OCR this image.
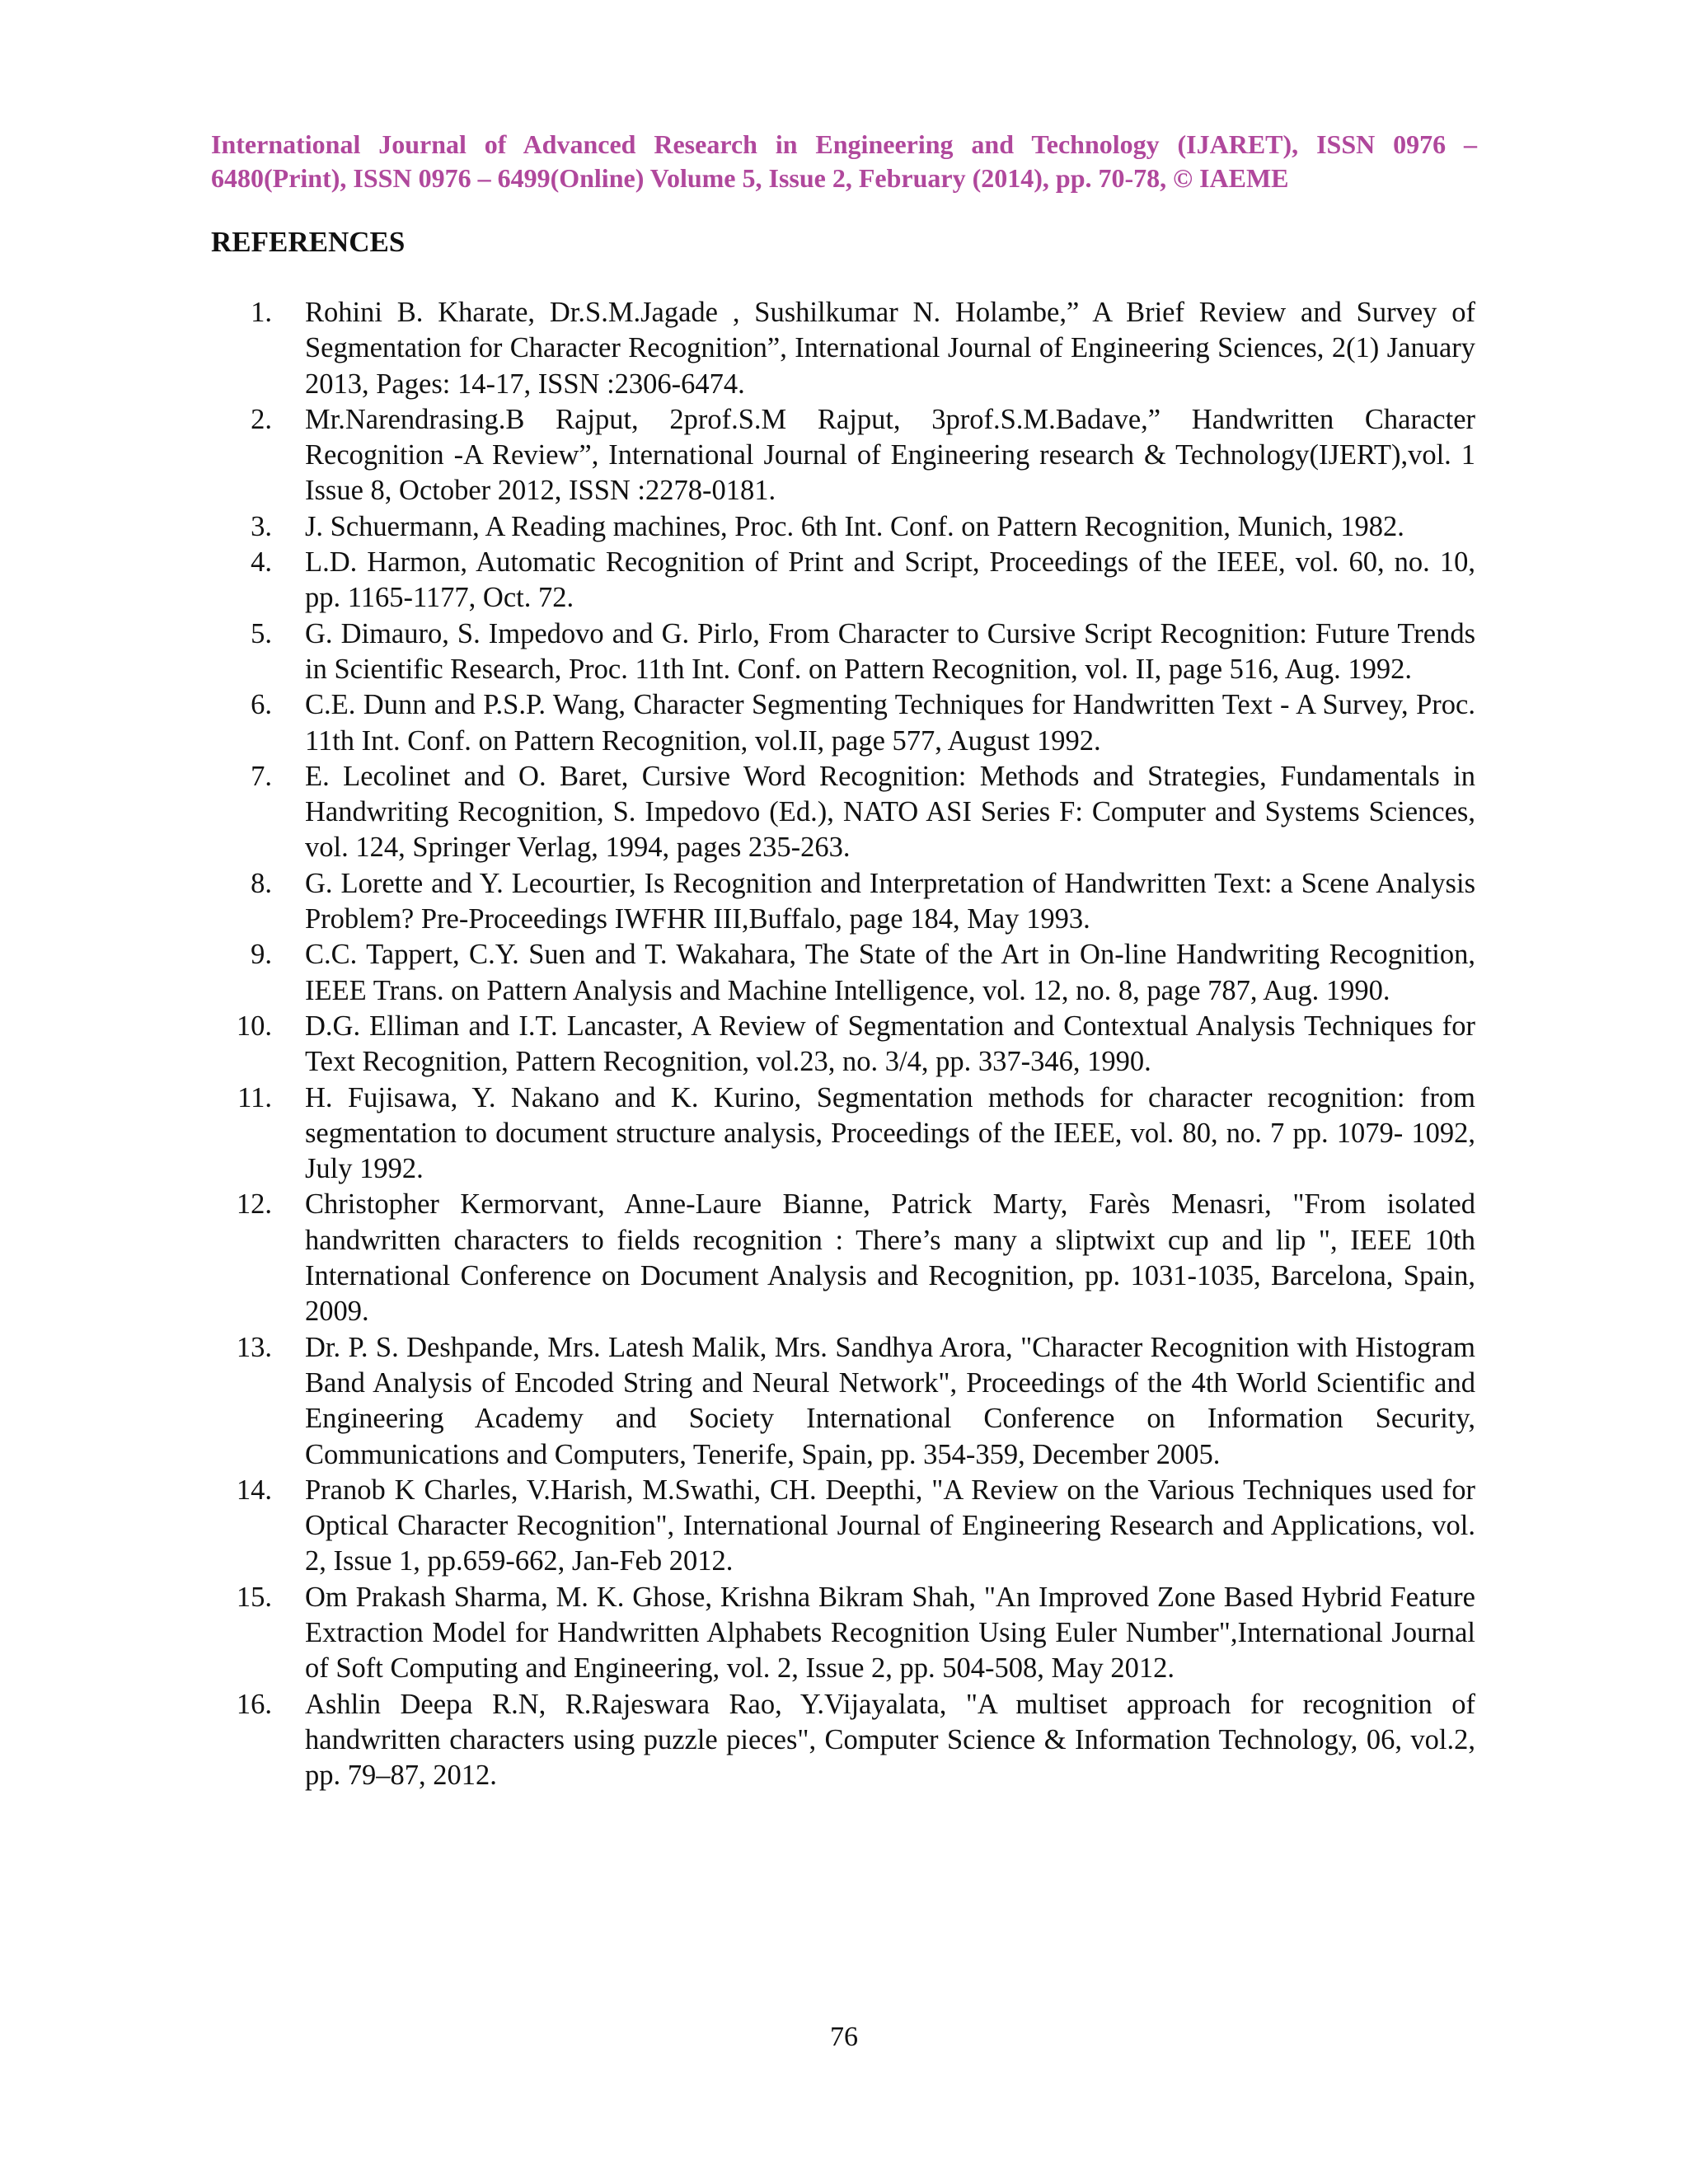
International Journal of Advanced Research in Engineering and Technology (IJARET), ISSN 0976 – 6480(Print), ISSN 0976 – 6499(Online) Volume 5, Issue 2, February (2014), pp. 70-78, © IAEME
REFERENCES
1. Rohini B. Kharate, Dr.S.M.Jagade , Sushilkumar N. Holambe,” A Brief Review and Survey of Segmentation for Character Recognition”, International Journal of Engineering Sciences, 2(1) January 2013, Pages: 14-17, ISSN :2306-6474.
2. Mr.Narendrasing.B Rajput, 2prof.S.M Rajput, 3prof.S.M.Badave,” Handwritten Character Recognition -A Review”, International Journal of Engineering research & Technology(IJERT),vol. 1 Issue 8, October 2012, ISSN :2278-0181.
3. J. Schuermann, A Reading machines, Proc. 6th Int. Conf. on Pattern Recognition, Munich, 1982.
4. L.D. Harmon, Automatic Recognition of Print and Script, Proceedings of the IEEE, vol. 60, no. 10, pp. 1165-1177, Oct. 72.
5. G. Dimauro, S. Impedovo and G. Pirlo, From Character to Cursive Script Recognition: Future Trends in Scientific Research, Proc. 11th Int. Conf. on Pattern Recognition, vol. II, page 516, Aug. 1992.
6. C.E. Dunn and P.S.P. Wang, Character Segmenting Techniques for Handwritten Text - A Survey, Proc. 11th Int. Conf. on Pattern Recognition, vol.II, page 577, August 1992.
7. E. Lecolinet and O. Baret, Cursive Word Recognition: Methods and Strategies, Fundamentals in Handwriting Recognition, S. Impedovo (Ed.), NATO ASI Series F: Computer and Systems Sciences, vol. 124, Springer Verlag, 1994, pages 235-263.
8. G. Lorette and Y. Lecourtier, Is Recognition and Interpretation of Handwritten Text: a Scene Analysis Problem? Pre-Proceedings IWFHR III,Buffalo, page 184, May 1993.
9. C.C. Tappert, C.Y. Suen and T. Wakahara, The State of the Art in On-line Handwriting Recognition, IEEE Trans. on Pattern Analysis and Machine Intelligence, vol. 12, no. 8, page 787, Aug. 1990.
10. D.G. Elliman and I.T. Lancaster, A Review of Segmentation and Contextual Analysis Techniques for Text Recognition, Pattern Recognition, vol.23, no. 3/4, pp. 337-346, 1990.
11. H. Fujisawa, Y. Nakano and K. Kurino, Segmentation methods for character recognition: from segmentation to document structure analysis, Proceedings of the IEEE, vol. 80, no. 7 pp. 1079- 1092, July 1992.
12. Christopher Kermorvant, Anne-Laure Bianne, Patrick Marty, Farès Menasri, "From isolated handwritten characters to fields recognition : There’s many a sliptwixt cup and lip ", IEEE 10th International Conference on Document Analysis and Recognition, pp. 1031-1035, Barcelona, Spain, 2009.
13. Dr. P. S. Deshpande, Mrs. Latesh Malik, Mrs. Sandhya Arora, "Character Recognition with Histogram Band Analysis of Encoded String and Neural Network", Proceedings of the 4th World Scientific and Engineering Academy and Society International Conference on Information Security, Communications and Computers, Tenerife, Spain, pp. 354-359, December 2005.
14. Pranob K Charles, V.Harish, M.Swathi, CH. Deepthi, "A Review on the Various Techniques used for Optical Character Recognition", International Journal of Engineering Research and Applications, vol. 2, Issue 1, pp.659-662, Jan-Feb 2012.
15. Om Prakash Sharma, M. K. Ghose, Krishna Bikram Shah, "An Improved Zone Based Hybrid Feature Extraction Model for Handwritten Alphabets Recognition Using Euler Number",International Journal of Soft Computing and Engineering, vol. 2, Issue 2, pp. 504-508, May 2012.
16. Ashlin Deepa R.N, R.Rajeswara Rao, Y.Vijayalata, "A multiset approach for recognition of handwritten characters using puzzle pieces", Computer Science & Information Technology, 06, vol.2, pp. 79–87, 2012.
76
